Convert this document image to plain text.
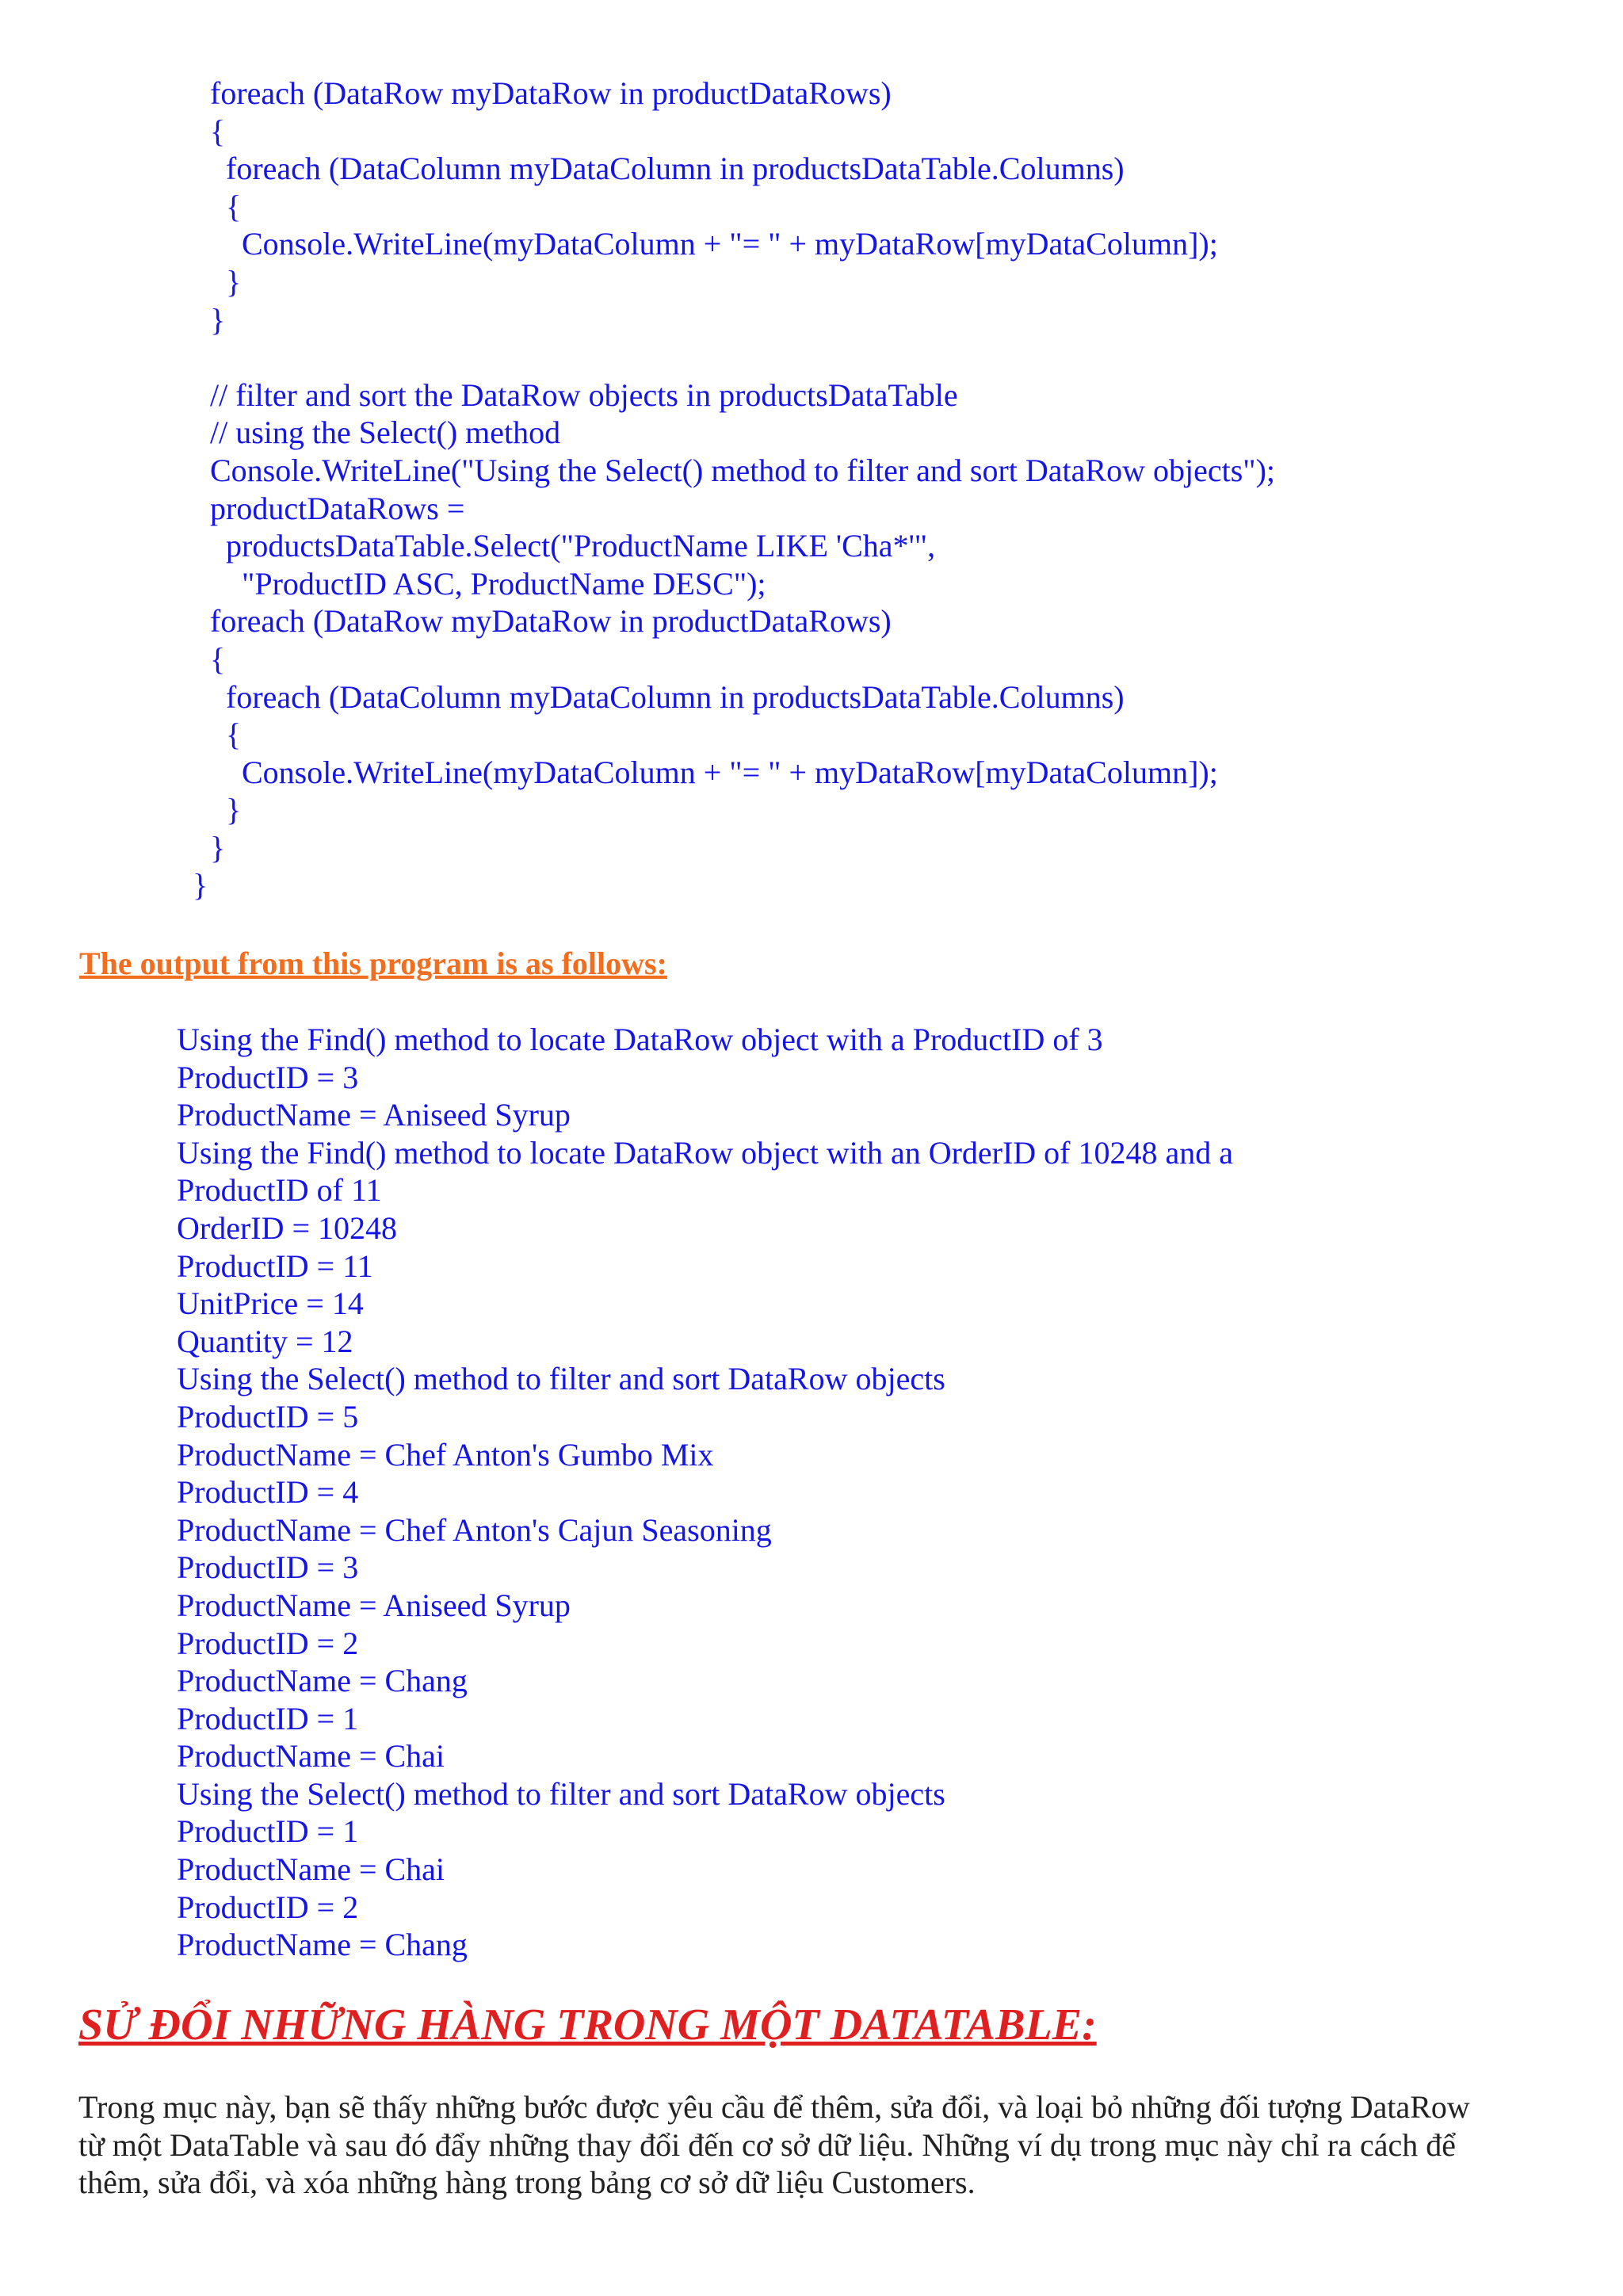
foreach (DataRow myDataRow in productDataRows)
{
foreach (DataColumn myDataColumn in productsDataTable.Columns)
{
Console.WriteLine(myDataColumn + "= " + myDataRow[myDataColumn]);
}
}
// filter and sort the DataRow objects in productsDataTable
// using the Select() method
Console.WriteLine("Using the Select() method to filter and sort DataRow objects");
productDataRows =
productsDataTable.Select("ProductName LIKE 'Cha*'",
"ProductID ASC, ProductName DESC");
foreach (DataRow myDataRow in productDataRows)
{
foreach (DataColumn myDataColumn in productsDataTable.Columns)
{
Console.WriteLine(myDataColumn + "= " + myDataRow[myDataColumn]);
}
}
}
The output from this program is as follows:
Using the Find() method to locate DataRow object with a ProductID of 3
ProductID = 3
ProductName = Aniseed Syrup
Using the Find() method to locate DataRow object with an OrderID of 10248 and a
ProductID of 11
OrderID = 10248
ProductID = 11
UnitPrice = 14
Quantity = 12
Using the Select() method to filter and sort DataRow objects
ProductID = 5
ProductName = Chef Anton's Gumbo Mix
ProductID = 4
ProductName = Chef Anton's Cajun Seasoning
ProductID = 3
ProductName = Aniseed Syrup
ProductID = 2
ProductName = Chang
ProductID = 1
ProductName = Chai
Using the Select() method to filter and sort DataRow objects
ProductID = 1
ProductName = Chai
ProductID = 2
ProductName = Chang
SỬ ĐỔI NHỮNG HÀNG TRONG MỘT DATATABLE:
Trong mục này, bạn sẽ thấy những bước được yêu cầu để thêm, sửa đổi, và loại bỏ những đối tượng DataRow
từ một DataTable và sau đó đẩy những thay đổi đến cơ sở dữ liệu. Những ví dụ trong mục này chỉ ra cách để
thêm, sửa đổi, và xóa những hàng trong bảng cơ sở dữ liệu Customers.
